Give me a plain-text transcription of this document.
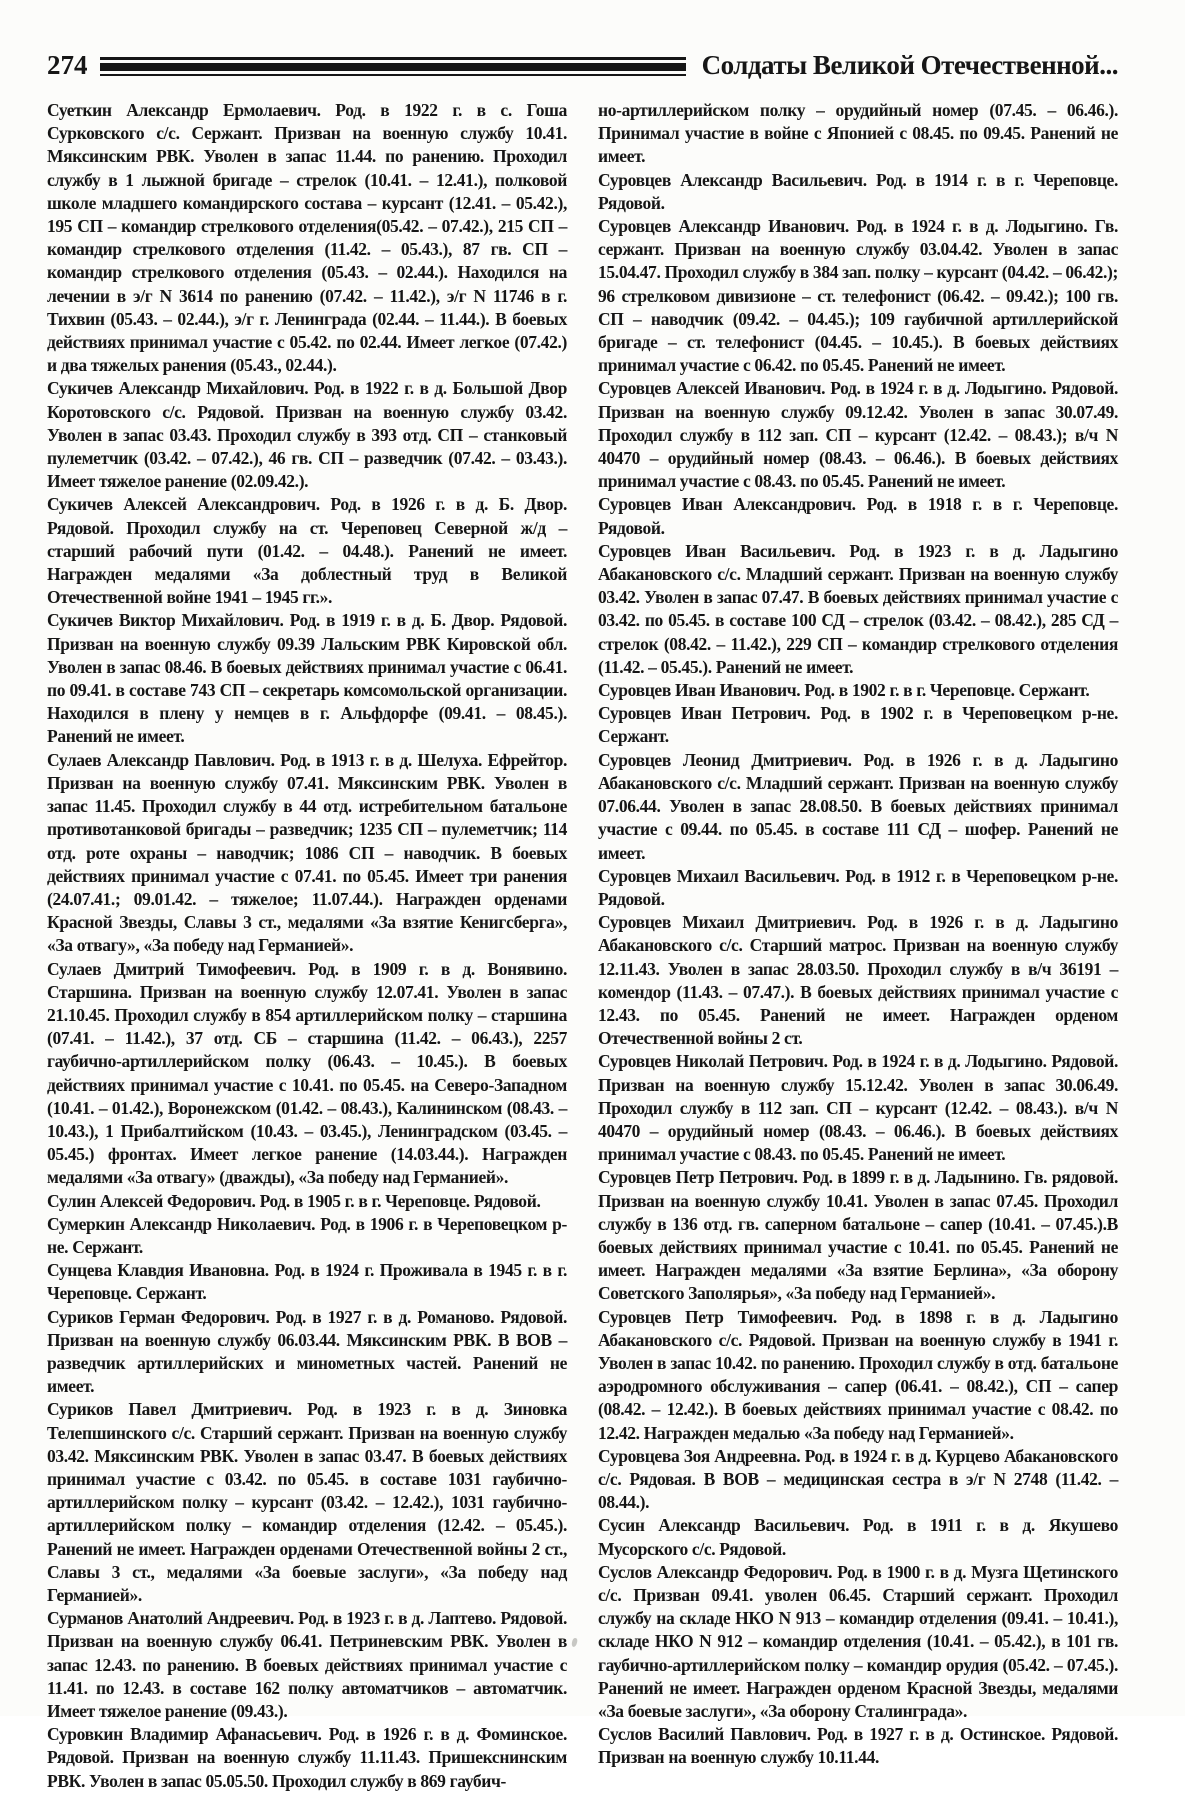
274	Солдаты Великой Отечественной...

Суеткин Александр Ермолаевич. Род. в 1922 г. в с. Гоша Сурковского с/с. Сержант. Призван на военную службу 10.41. Мяксинским РВК. Уволен в запас 11.44. по ранению. Проходил службу в 1 лыжной бригаде – стрелок (10.41. – 12.41.), полковой школе младшего командирского состава – курсант (12.41. – 05.42.), 195 СП – командир стрелкового отделения(05.42. – 07.42.), 215 СП – командир стрелкового отделения (11.42. – 05.43.), 87 гв. СП – командир стрелкового отделения (05.43. – 02.44.). Находился на лечении в э/г N 3614 по ранению (07.42. – 11.42.), э/г N 11746 в г. Тихвин (05.43. – 02.44.), э/г г. Ленинграда (02.44. – 11.44.). В боевых действиях принимал участие с 05.42. по 02.44. Имеет легкое (07.42.) и два тяжелых ранения (05.43., 02.44.).

Сукичев Александр Михайлович. Род. в 1922 г. в д. Большой Двор Коротовского с/с. Рядовой. Призван на военную службу 03.42. Уволен в запас 03.43. Проходил службу в 393 отд. СП – станковый пулеметчик (03.42. – 07.42.), 46 гв. СП – разведчик (07.42. – 03.43.). Имеет тяжелое ранение (02.09.42.).

Сукичев Алексей Александрович. Род. в 1926 г. в д. Б. Двор. Рядовой. Проходил службу на ст. Череповец Северной ж/д – старший рабочий пути (01.42. – 04.48.). Ранений не имеет. Награжден медалями «За доблестный труд в Великой Отечественной войне 1941 – 1945 гг.».

Сукичев Виктор Михайлович. Род. в 1919 г. в д. Б. Двор. Рядовой. Призван на военную службу 09.39 Лальским РВК Кировской обл. Уволен в запас 08.46. В боевых действиях принимал участие с 06.41. по 09.41. в составе 743 СП – секретарь комсомольской организации. Находился в плену у немцев в г. Альфдорфе (09.41. – 08.45.). Ранений не имеет.

Сулаев Александр Павлович. Род. в 1913 г. в д. Шелуха. Ефрейтор. Призван на военную службу 07.41. Мяксинским РВК. Уволен в запас 11.45. Проходил службу в 44 отд. истребительном батальоне противотанковой бригады – разведчик; 1235 СП – пулеметчик; 114 отд. роте охраны – наводчик; 1086 СП – наводчик. В боевых действиях принимал участие с 07.41. по 05.45. Имеет три ранения (24.07.41.; 09.01.42. – тяжелое; 11.07.44.). Награжден орденами Красной Звезды, Славы 3 ст., медалями «За взятие Кенигсберга», «За отвагу», «За победу над Германией».

Сулаев Дмитрий Тимофеевич. Род. в 1909 г. в д. Вонявино. Старшина. Призван на военную службу 12.07.41. Уволен в запас 21.10.45. Проходил службу в 854 артиллерийском полку – старшина (07.41. – 11.42.), 37 отд. СБ – старшина (11.42. – 06.43.), 2257 гаубично-артиллерийском полку (06.43. – 10.45.). В боевых действиях принимал участие с 10.41. по 05.45. на Северо-Западном (10.41. – 01.42.), Воронежском (01.42. – 08.43.), Калининском (08.43. – 10.43.), 1 Прибалтийском (10.43. – 03.45.), Ленинградском (03.45. – 05.45.) фронтах. Имеет легкое ранение (14.03.44.). Награжден медалями «За отвагу» (дважды), «За победу над Германией».

Сулин Алексей Федорович. Род. в 1905 г. в г. Череповце. Рядовой.

Сумеркин Александр Николаевич. Род. в 1906 г. в Череповецком р-не. Сержант.

Сунцева Клавдия Ивановна. Род. в 1924 г. Проживала в 1945 г. в г. Череповце. Сержант.

Суриков Герман Федорович. Род. в 1927 г. в д. Романово. Рядовой. Призван на военную службу 06.03.44. Мяксинским РВК. В ВОВ – разведчик артиллерийских и минометных частей. Ранений не имеет.

Суриков Павел Дмитриевич. Род. в 1923 г. в д. Зиновка Телепшинского с/с. Старший сержант. Призван на военную службу 03.42. Мяксинским РВК. Уволен в запас 03.47. В боевых действиях принимал участие с 03.42. по 05.45. в составе 1031 гаубично-артиллерийском полку – курсант (03.42. – 12.42.), 1031 гаубично-артиллерийском полку – командир отделения (12.42. – 05.45.). Ранений не имеет. Награжден орденами Отечественной войны 2 ст., Славы 3 ст., медалями «За боевые заслуги», «За победу над Германией».

Сурманов Анатолий Андреевич. Род. в 1923 г. в д. Лаптево. Рядовой. Призван на военную службу 06.41. Петриневским РВК. Уволен в запас 12.43. по ранению. В боевых действиях принимал участие с 11.41. по 12.43. в составе 162 полку автоматчиков – автоматчик. Имеет тяжелое ранение (09.43.).

Суровкин Владимир Афанасьевич. Род. в 1926 г. в д. Фоминское. Рядовой. Призван на военную службу 11.11.43. Пришекснинским РВК. Уволен в запас 05.05.50. Проходил службу в 869 гаубич-

но-артиллерийском полку – орудийный номер (07.45. – 06.46.). Принимал участие в войне с Японией с 08.45. по 09.45. Ранений не имеет.

Суровцев Александр Васильевич. Род. в 1914 г. в г. Череповце. Рядовой.

Суровцев Александр Иванович. Род. в 1924 г. в д. Лодыгино. Гв. сержант. Призван на военную службу 03.04.42. Уволен в запас 15.04.47. Проходил службу в 384 зап. полку – курсант (04.42. – 06.42.); 96 стрелковом дивизионе – ст. телефонист (06.42. – 09.42.); 100 гв. СП – наводчик (09.42. – 04.45.); 109 гаубичной артиллерийской бригаде – ст. телефонист (04.45. – 10.45.). В боевых действиях принимал участие с 06.42. по 05.45. Ранений не имеет.

Суровцев Алексей Иванович. Род. в 1924 г. в д. Лодыгино. Рядовой. Призван на военную службу 09.12.42. Уволен в запас 30.07.49. Проходил службу в 112 зап. СП – курсант (12.42. – 08.43.); в/ч N 40470 – орудийный номер (08.43. – 06.46.). В боевых действиях принимал участие с 08.43. по 05.45. Ранений не имеет.

Суровцев Иван Александрович. Род. в 1918 г. в г. Череповце. Рядовой.

Суровцев Иван Васильевич. Род. в 1923 г. в д. Ладыгино Абакановского с/с. Младший сержант. Призван на военную службу 03.42. Уволен в запас 07.47. В боевых действиях принимал участие с 03.42. по 05.45. в составе 100 СД – стрелок (03.42. – 08.42.), 285 СД – стрелок (08.42. – 11.42.), 229 СП – командир стрелкового отделения (11.42. – 05.45.). Ранений не имеет.

Суровцев Иван Иванович. Род. в 1902 г. в г. Череповце. Сержант.

Суровцев Иван Петрович. Род. в 1902 г. в Череповецком р-не. Сержант.

Суровцев Леонид Дмитриевич. Род. в 1926 г. в д. Ладыгино Абакановского с/с. Младший сержант. Призван на военную службу 07.06.44. Уволен в запас 28.08.50. В боевых действиях принимал участие с 09.44. по 05.45. в составе 111 СД – шофер. Ранений не имеет.

Суровцев Михаил Васильевич. Род. в 1912 г. в Череповецком р-не. Рядовой.

Суровцев Михаил Дмитриевич. Род. в 1926 г. в д. Ладыгино Абакановского с/с. Старший матрос. Призван на военную службу 12.11.43. Уволен в запас 28.03.50. Проходил службу в в/ч 36191 – комендор (11.43. – 07.47.). В боевых действиях принимал участие с 12.43. по 05.45. Ранений не имеет. Награжден орденом Отечественной войны 2 ст.

Суровцев Николай Петрович. Род. в 1924 г. в д. Лодыгино. Рядовой. Призван на военную службу 15.12.42. Уволен в запас 30.06.49. Проходил службу в 112 зап. СП – курсант (12.42. – 08.43.). в/ч N 40470 – орудийный номер (08.43. – 06.46.). В боевых действиях принимал участие с 08.43. по 05.45. Ранений не имеет.

Суровцев Петр Петрович. Род. в 1899 г. в д. Ладынино. Гв. рядовой. Призван на военную службу 10.41. Уволен в запас 07.45. Проходил службу в 136 отд. гв. саперном батальоне – сапер (10.41. – 07.45.).В боевых действиях принимал участие с 10.41. по 05.45. Ранений не имеет. Награжден медалями «За взятие Берлина», «За оборону Советского Заполярья», «За победу над Германией».

Суровцев Петр Тимофеевич. Род. в 1898 г. в д. Ладыгино Абакановского с/с. Рядовой. Призван на военную службу в 1941 г. Уволен в запас 10.42. по ранению. Проходил службу в отд. батальоне аэродромного обслуживания – сапер (06.41. – 08.42.), СП – сапер (08.42. – 12.42.). В боевых действиях принимал участие с 08.42. по 12.42. Награжден медалью «За победу над Германией».

Суровцева Зоя Андреевна. Род. в 1924 г. в д. Курцево Абакановского с/с. Рядовая. В ВОВ – медицинская сестра в э/г N 2748 (11.42. – 08.44.).

Сусин Александр Васильевич. Род. в 1911 г. в д. Якушево Мусорского с/с. Рядовой.

Суслов Александр Федорович. Род. в 1900 г. в д. Музга Щетинского с/с. Призван 09.41. уволен 06.45. Старший сержант. Проходил службу на складе НКО N 913 – командир отделения (09.41. – 10.41.), складе НКО N 912 – командир отделения (10.41. – 05.42.), в 101 гв. гаубично-артиллерийском полку – командир орудия (05.42. – 07.45.). Ранений не имеет. Награжден орденом Красной Звезды, медалями «За боевые заслуги», «За оборону Сталинграда».

Суслов Василий Павлович. Род. в 1927 г. в д. Остинское. Рядовой. Призван на военную службу 10.11.44.
